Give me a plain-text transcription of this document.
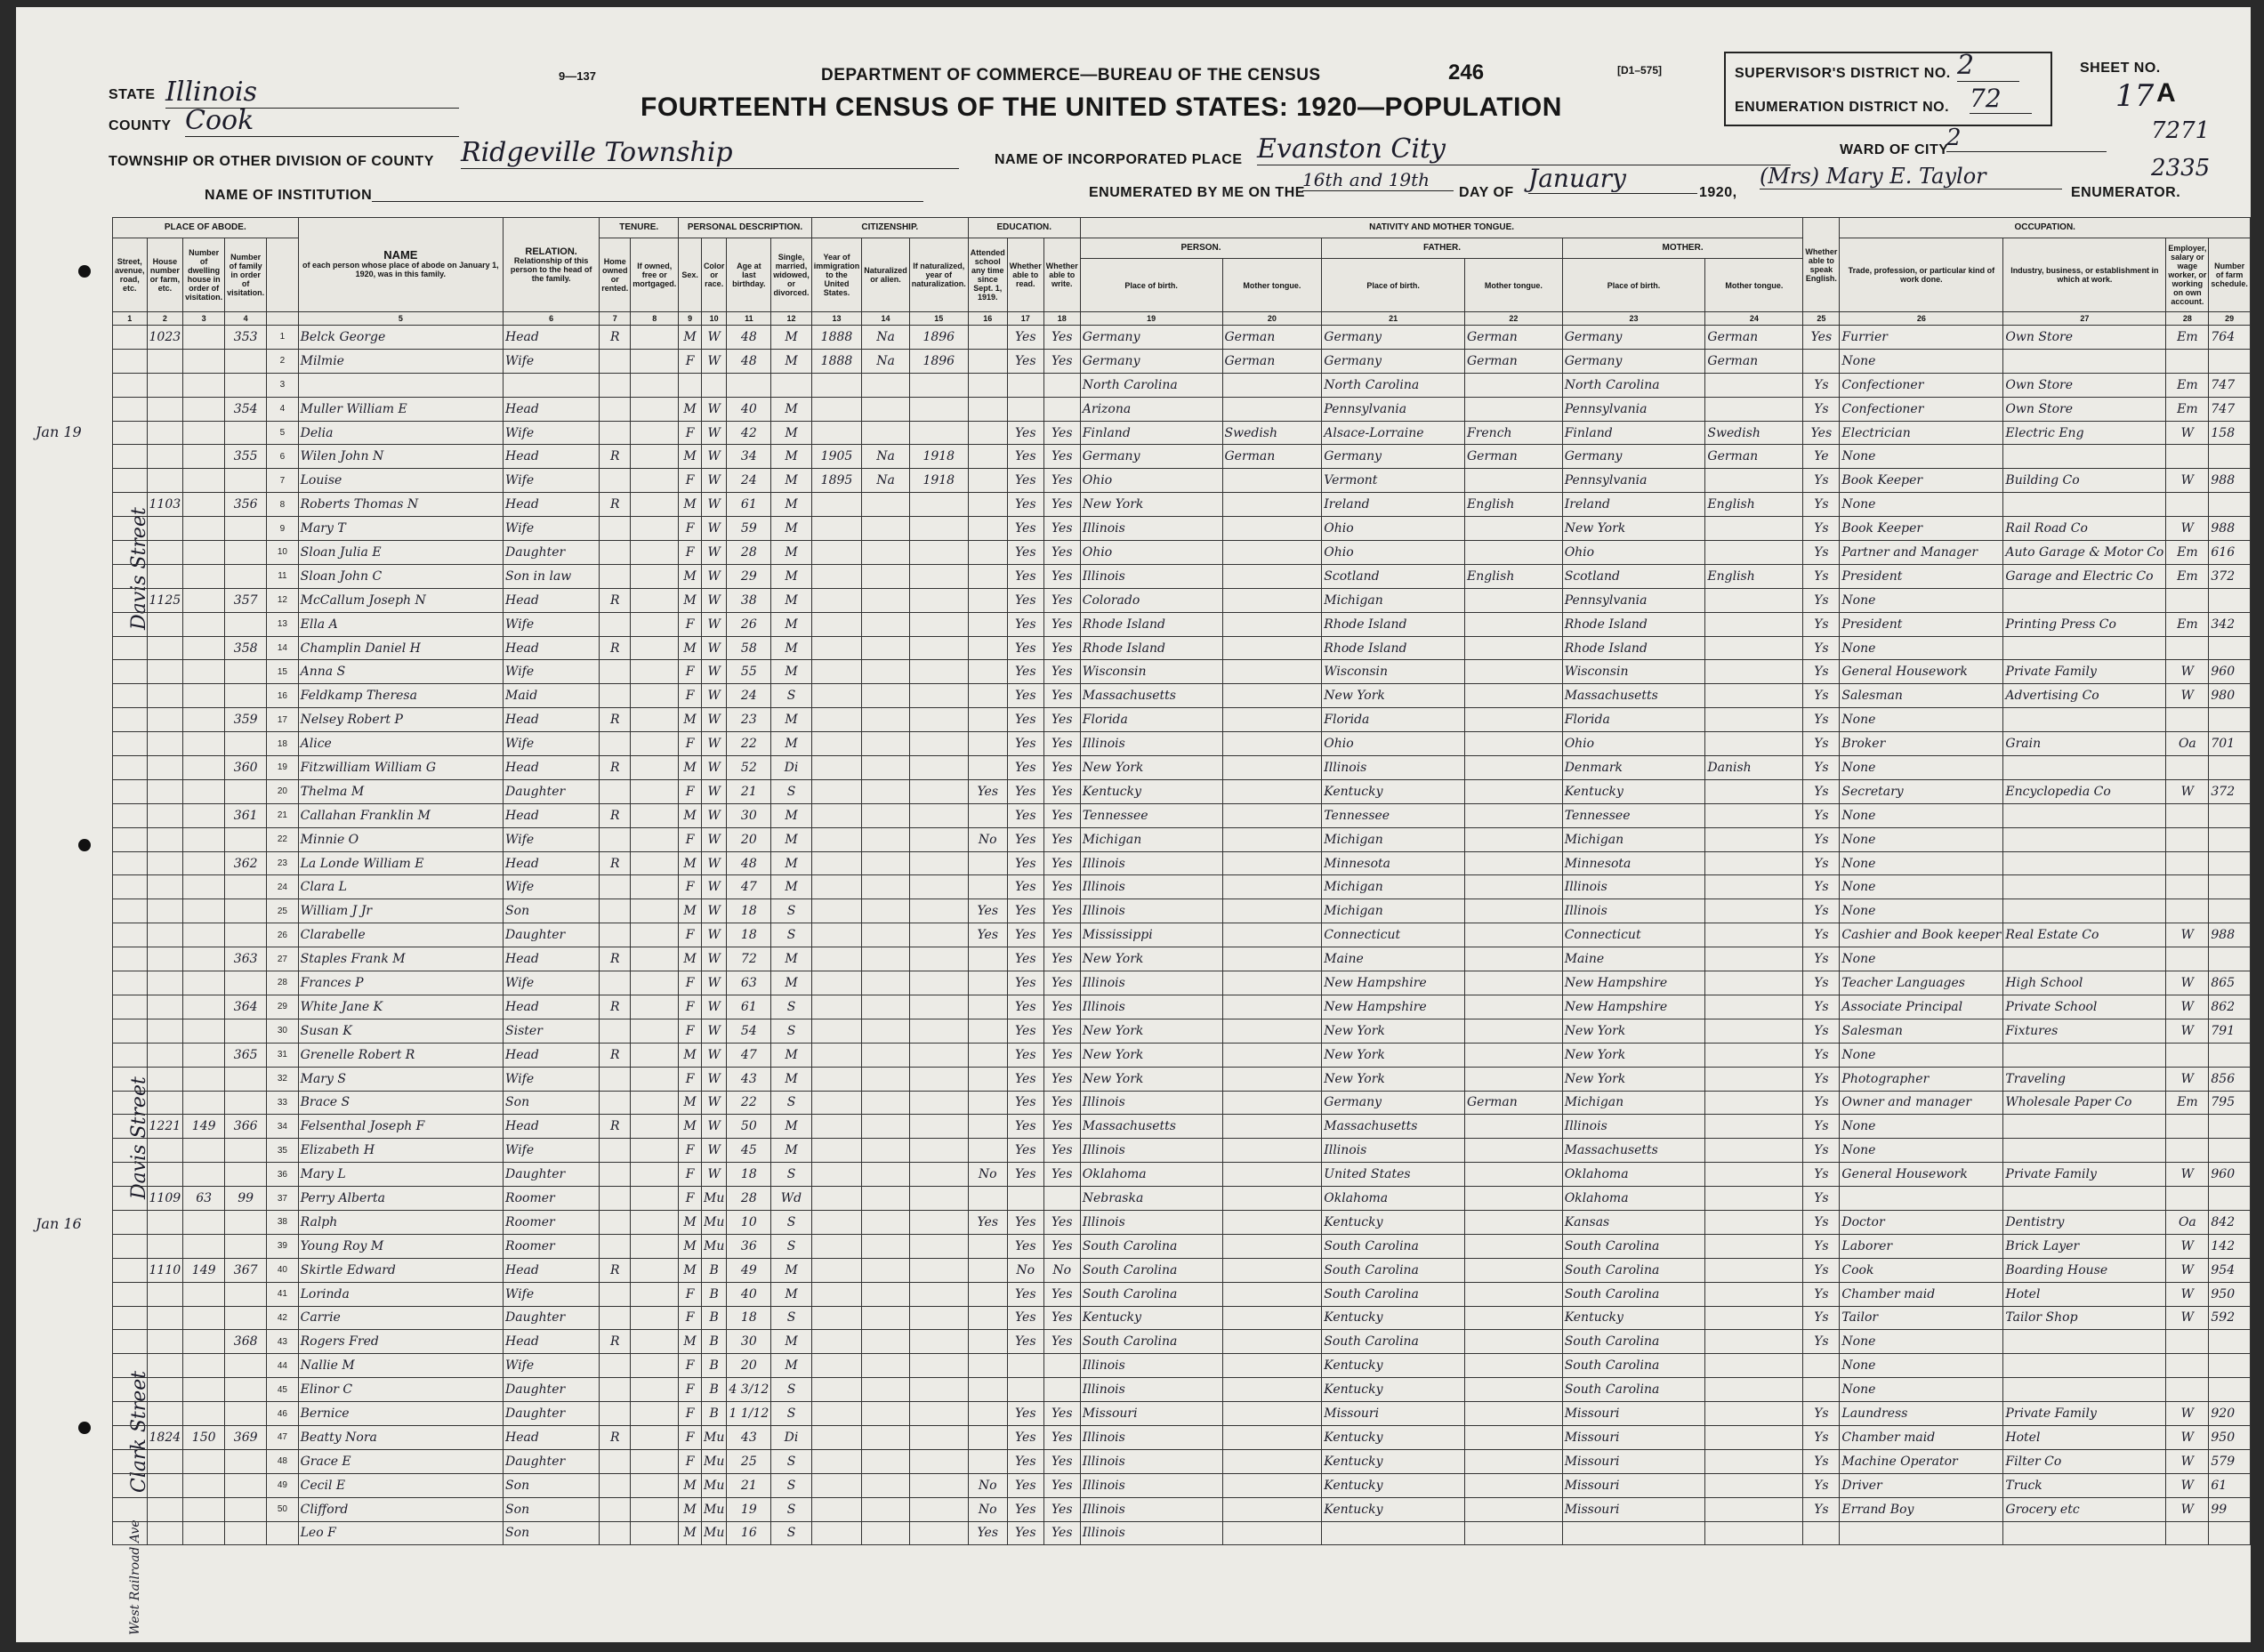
STATE Illinois
COUNTY Cook
TOWNSHIP OR OTHER DIVISION OF COUNTY Ridgeville Township
NAME OF INSTITUTION
9—137	DEPARTMENT OF COMMERCE—BUREAU OF THE CENSUS	246	[D1–575]
FOURTEENTH CENSUS OF THE UNITED STATES: 1920—POPULATION
NAME OF INCORPORATED PLACE Evanston City
ENUMERATED BY ME ON THE
16th and 19th
DAY OF January	1920,
(Mrs) Mary E. Taylor
ENUMERATOR.
SUPERVISOR'S DISTRICT NO. 2
ENUMERATION DISTRICT NO. 72
SHEET NO.
17 A
WARD OF CITY
2	7271
2335
Jan 19
Jan 16
Davis Street
Davis Street
Clark Street
West Railroad Ave
PLACE OF ABODE.					NAME
of each person whose place of abode on January 1, 1920, was in this family.	RELATION.
Relationship of this person to the head of the family.	TENURE.		PERSONAL DESCRIPTION.				CITIZENSHIP.			EDUCATION.			NATIVITY AND MOTHER TONGUE.						Whether able to speak English.	OCCUPATION.			
Street, avenue, road, etc.	House number or farm, etc.	Number of dwelling house in order of visitation.	Number of family in order of visitation.				Home owned or rented.	If owned, free or mortgaged.	Sex.	Color or race.	Age at last birthday.	Single, married, widowed, or divorced.	Year of immigration to the United States.	Naturalized or alien.	If naturalized, year of naturalization.	Attended school any time since Sept. 1, 1919.	Whether able to read.	Whether able to write.	PERSON.		FATHER.		MOTHER.			Trade, profession, or particular kind of work done.	Industry, business, or establishment in which at work.	Employer, salary or wage worker, or working on own account.	Number of farm schedule.
																			Place of birth.	Mother tongue.	Place of birth.	Mother tongue.	Place of birth.	Mother tongue.					
1	2	3	4		5	6	7	8	9	10	11	12	13	14	15	16	17	18	19	20	21	22	23	24	25	26	27	28	29
	1023		353	1	Belck George	Head	R		M	W	48	M	1888	Na	1896		Yes	Yes	Germany	German	Germany	German	Germany	German	Yes	Furrier	Own Store	Em	764
				2	Milmie	Wife			F	W	48	M	1888	Na	1896		Yes	Yes	Germany	German	Germany	German	Germany	German		None			
				3															North Carolina		North Carolina		North Carolina		Ys	Confectioner	Own Store	Em	747
			354	4	Muller William E	Head			M	W	40	M							Arizona		Pennsylvania		Pennsylvania		Ys	Confectioner	Own Store	Em	747
				5	Delia	Wife			F	W	42	M					Yes	Yes	Finland	Swedish	Alsace-Lorraine	French	Finland	Swedish	Yes	Electrician	Electric Eng	W	158
			355	6	Wilen John N	Head	R		M	W	34	M	1905	Na	1918		Yes	Yes	Germany	German	Germany	German	Germany	German	Ye	None			
				7	Louise	Wife			F	W	24	M	1895	Na	1918		Yes	Yes	Ohio		Vermont		Pennsylvania		Ys	Book Keeper	Building Co	W	988
	1103		356	8	Roberts Thomas N	Head	R		M	W	61	M					Yes	Yes	New York		Ireland	English	Ireland	English	Ys	None			
				9	Mary T	Wife			F	W	59	M					Yes	Yes	Illinois		Ohio		New York		Ys	Book Keeper	Rail Road Co	W	988
				10	Sloan Julia E	Daughter			F	W	28	M					Yes	Yes	Ohio		Ohio		Ohio		Ys	Partner and Manager	Auto Garage & Motor Co	Em	616
				11	Sloan John C	Son in law			M	W	29	M					Yes	Yes	Illinois		Scotland	English	Scotland	English	Ys	President	Garage and Electric Co	Em	372
	1125		357	12	McCallum Joseph N	Head	R		M	W	38	M					Yes	Yes	Colorado		Michigan		Pennsylvania		Ys	None			
				13	Ella A	Wife			F	W	26	M					Yes	Yes	Rhode Island		Rhode Island		Rhode Island		Ys	President	Printing Press Co	Em	342
			358	14	Champlin Daniel H	Head	R		M	W	58	M					Yes	Yes	Rhode Island		Rhode Island		Rhode Island		Ys	None			
				15	Anna S	Wife			F	W	55	M					Yes	Yes	Wisconsin		Wisconsin		Wisconsin		Ys	General Housework	Private Family	W	960
				16	Feldkamp Theresa	Maid			F	W	24	S					Yes	Yes	Massachusetts		New York		Massachusetts		Ys	Salesman	Advertising Co	W	980
			359	17	Nelsey Robert P	Head	R		M	W	23	M					Yes	Yes	Florida		Florida		Florida		Ys	None			
				18	Alice	Wife			F	W	22	M					Yes	Yes	Illinois		Ohio		Ohio		Ys	Broker	Grain	Oa	701
			360	19	Fitzwilliam William G	Head	R		M	W	52	Di					Yes	Yes	New York		Illinois		Denmark	Danish	Ys	None			
				20	Thelma M	Daughter			F	W	21	S				Yes	Yes	Yes	Kentucky		Kentucky		Kentucky		Ys	Secretary	Encyclopedia Co	W	372
			361	21	Callahan Franklin M	Head	R		M	W	30	M					Yes	Yes	Tennessee		Tennessee		Tennessee		Ys	None			
				22	Minnie O	Wife			F	W	20	M				No	Yes	Yes	Michigan		Michigan		Michigan		Ys	None			
			362	23	La Londe William E	Head	R		M	W	48	M					Yes	Yes	Illinois		Minnesota		Minnesota		Ys	None			
				24	Clara L	Wife			F	W	47	M					Yes	Yes	Illinois		Michigan		Illinois		Ys	None			
				25	William J Jr	Son			M	W	18	S				Yes	Yes	Yes	Illinois		Michigan		Illinois		Ys	None			
				26	Clarabelle	Daughter			F	W	18	S				Yes	Yes	Yes	Mississippi		Connecticut		Connecticut		Ys	Cashier and Book keeper	Real Estate Co	W	988
			363	27	Staples Frank M	Head	R		M	W	72	M					Yes	Yes	New York		Maine		Maine		Ys	None			
				28	Frances P	Wife			F	W	63	M					Yes	Yes	Illinois		New Hampshire		New Hampshire		Ys	Teacher Languages	High School	W	865
			364	29	White Jane K	Head	R		F	W	61	S					Yes	Yes	Illinois		New Hampshire		New Hampshire		Ys	Associate Principal	Private School	W	862
				30	Susan K	Sister			F	W	54	S					Yes	Yes	New York		New York		New York		Ys	Salesman	Fixtures	W	791
			365	31	Grenelle Robert R	Head	R		M	W	47	M					Yes	Yes	New York		New York		New York		Ys	None			
				32	Mary S	Wife			F	W	43	M					Yes	Yes	New York		New York		New York		Ys	Photographer	Traveling	W	856
				33	Brace S	Son			M	W	22	S					Yes	Yes	Illinois		Germany	German	Michigan		Ys	Owner and manager	Wholesale Paper Co	Em	795
	1221	149	366	34	Felsenthal Joseph F	Head	R		M	W	50	M					Yes	Yes	Massachusetts		Massachusetts		Illinois		Ys	None			
				35	Elizabeth H	Wife			F	W	45	M					Yes	Yes	Illinois		Illinois		Massachusetts		Ys	None			
				36	Mary L	Daughter			F	W	18	S				No	Yes	Yes	Oklahoma		United States		Oklahoma		Ys	General Housework	Private Family	W	960
	1109	63	99	37	Perry Alberta	Roomer			F	Mu	28	Wd							Nebraska		Oklahoma		Oklahoma		Ys				
				38	Ralph	Roomer			M	Mu	10	S				Yes	Yes	Yes	Illinois		Kentucky		Kansas		Ys	Doctor	Dentistry	Oa	842
				39	Young Roy M	Roomer			M	Mu	36	S					Yes	Yes	South Carolina		South Carolina		South Carolina		Ys	Laborer	Brick Layer	W	142
	1110	149	367	40	Skirtle Edward	Head	R		M	B	49	M					No	No	South Carolina		South Carolina		South Carolina		Ys	Cook	Boarding House	W	954
				41	Lorinda	Wife			F	B	40	M					Yes	Yes	South Carolina		South Carolina		South Carolina		Ys	Chamber maid	Hotel	W	950
				42	Carrie	Daughter			F	B	18	S					Yes	Yes	Kentucky		Kentucky		Kentucky		Ys	Tailor	Tailor Shop	W	592
			368	43	Rogers Fred	Head	R		M	B	30	M					Yes	Yes	South Carolina		South Carolina		South Carolina		Ys	None			
				44	Nallie M	Wife			F	B	20	M							Illinois		Kentucky		South Carolina			None			
				45	Elinor C	Daughter			F	B	4 3/12	S							Illinois		Kentucky		South Carolina			None			
				46	Bernice	Daughter			F	B	1 1/12	S					Yes	Yes	Missouri		Missouri		Missouri		Ys	Laundress	Private Family	W	920
	1824	150	369	47	Beatty Nora	Head	R		F	Mu	43	Di					Yes	Yes	Illinois		Kentucky		Missouri		Ys	Chamber maid	Hotel	W	950
				48	Grace E	Daughter			F	Mu	25	S					Yes	Yes	Illinois		Kentucky		Missouri		Ys	Machine Operator	Filter Co	W	579
				49	Cecil E	Son			M	Mu	21	S				No	Yes	Yes	Illinois		Kentucky		Missouri		Ys	Driver	Truck	W	61
				50	Clifford	Son			M	Mu	19	S				No	Yes	Yes	Illinois		Kentucky		Missouri		Ys	Errand Boy	Grocery etc	W	99
					Leo F	Son			M	Mu	16	S				Yes	Yes	Yes	Illinois										
